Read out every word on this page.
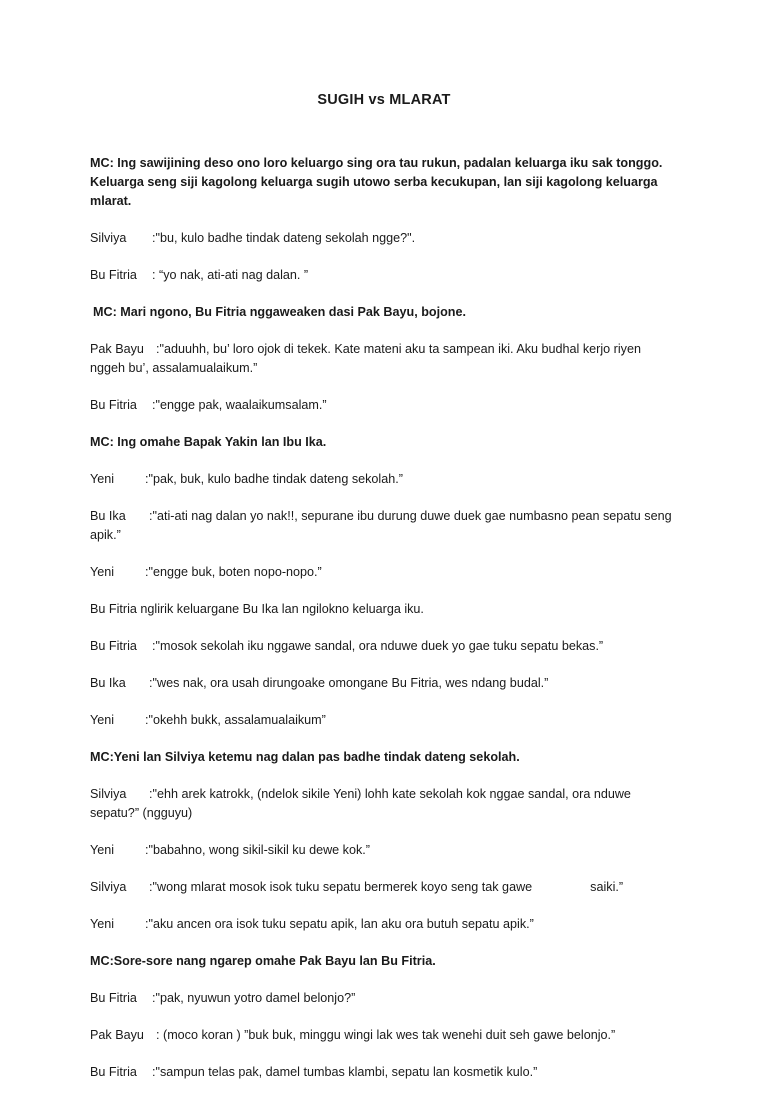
SUGIH vs MLARAT

MC: Ing sawijining deso ono loro keluargo sing ora tau rukun, padalan keluarga iku sak tonggo.
Keluarga seng siji kagolong keluarga sugih utowo serba kecukupan, lan siji kagolong keluarga mlarat.

Silviya :"bu, kulo badhe tindak dateng sekolah ngge?".

Bu Fitria : “yo nak, ati-ati nag dalan. ”

MC: Mari ngono, Bu Fitria nggaweaken dasi Pak Bayu, bojone.

Pak Bayu :"aduuhh, bu’ loro ojok di tekek. Kate mateni aku ta sampean iki. Aku budhal kerjo riyen
nggeh bu’, assalamualaikum.”

Bu Fitria :"engge pak, waalaikumsalam.”

MC: Ing omahe Bapak Yakin lan Ibu Ika.

Yeni :"pak, buk, kulo badhe tindak dateng sekolah.”

Bu Ika :"ati-ati nag dalan yo nak!!, sepurane ibu durung duwe duek gae numbasno pean sepatu seng
apik.”

Yeni :"engge buk, boten nopo-nopo.”

Bu Fitria nglirik keluargane Bu Ika lan ngilokno keluarga iku.

Bu Fitria :"mosok sekolah iku nggawe sandal, ora nduwe duek yo gae tuku sepatu bekas.”

Bu Ika :"wes nak, ora usah dirungoake omongane Bu Fitria, wes ndang budal.”

Yeni :"okehh bukk, assalamualaikum”

MC:Yeni lan Silviya ketemu nag dalan pas badhe tindak dateng sekolah.

Silviya :"ehh arek katrokk, (ndelok sikile Yeni) lohh kate sekolah kok nggae sandal, ora nduwe
sepatu?” (ngguyu)

Yeni :"babahno, wong sikil-sikil ku dewe kok.”

Silviya :"wong mlarat mosok isok tuku sepatu bermerek koyo seng tak gawe	saiki.”

Yeni :"aku ancen ora isok tuku sepatu apik, lan aku ora butuh sepatu apik.”

MC:Sore-sore nang ngarep omahe Pak Bayu lan Bu Fitria.

Bu Fitria :"pak, nyuwun yotro damel belonjo?”

Pak Bayu : (moco koran ) ”buk buk, minggu wingi lak wes tak wenehi duit seh gawe belonjo.”

Bu Fitria :"sampun telas pak, damel tumbas klambi, sepatu lan kosmetik kulo.”
